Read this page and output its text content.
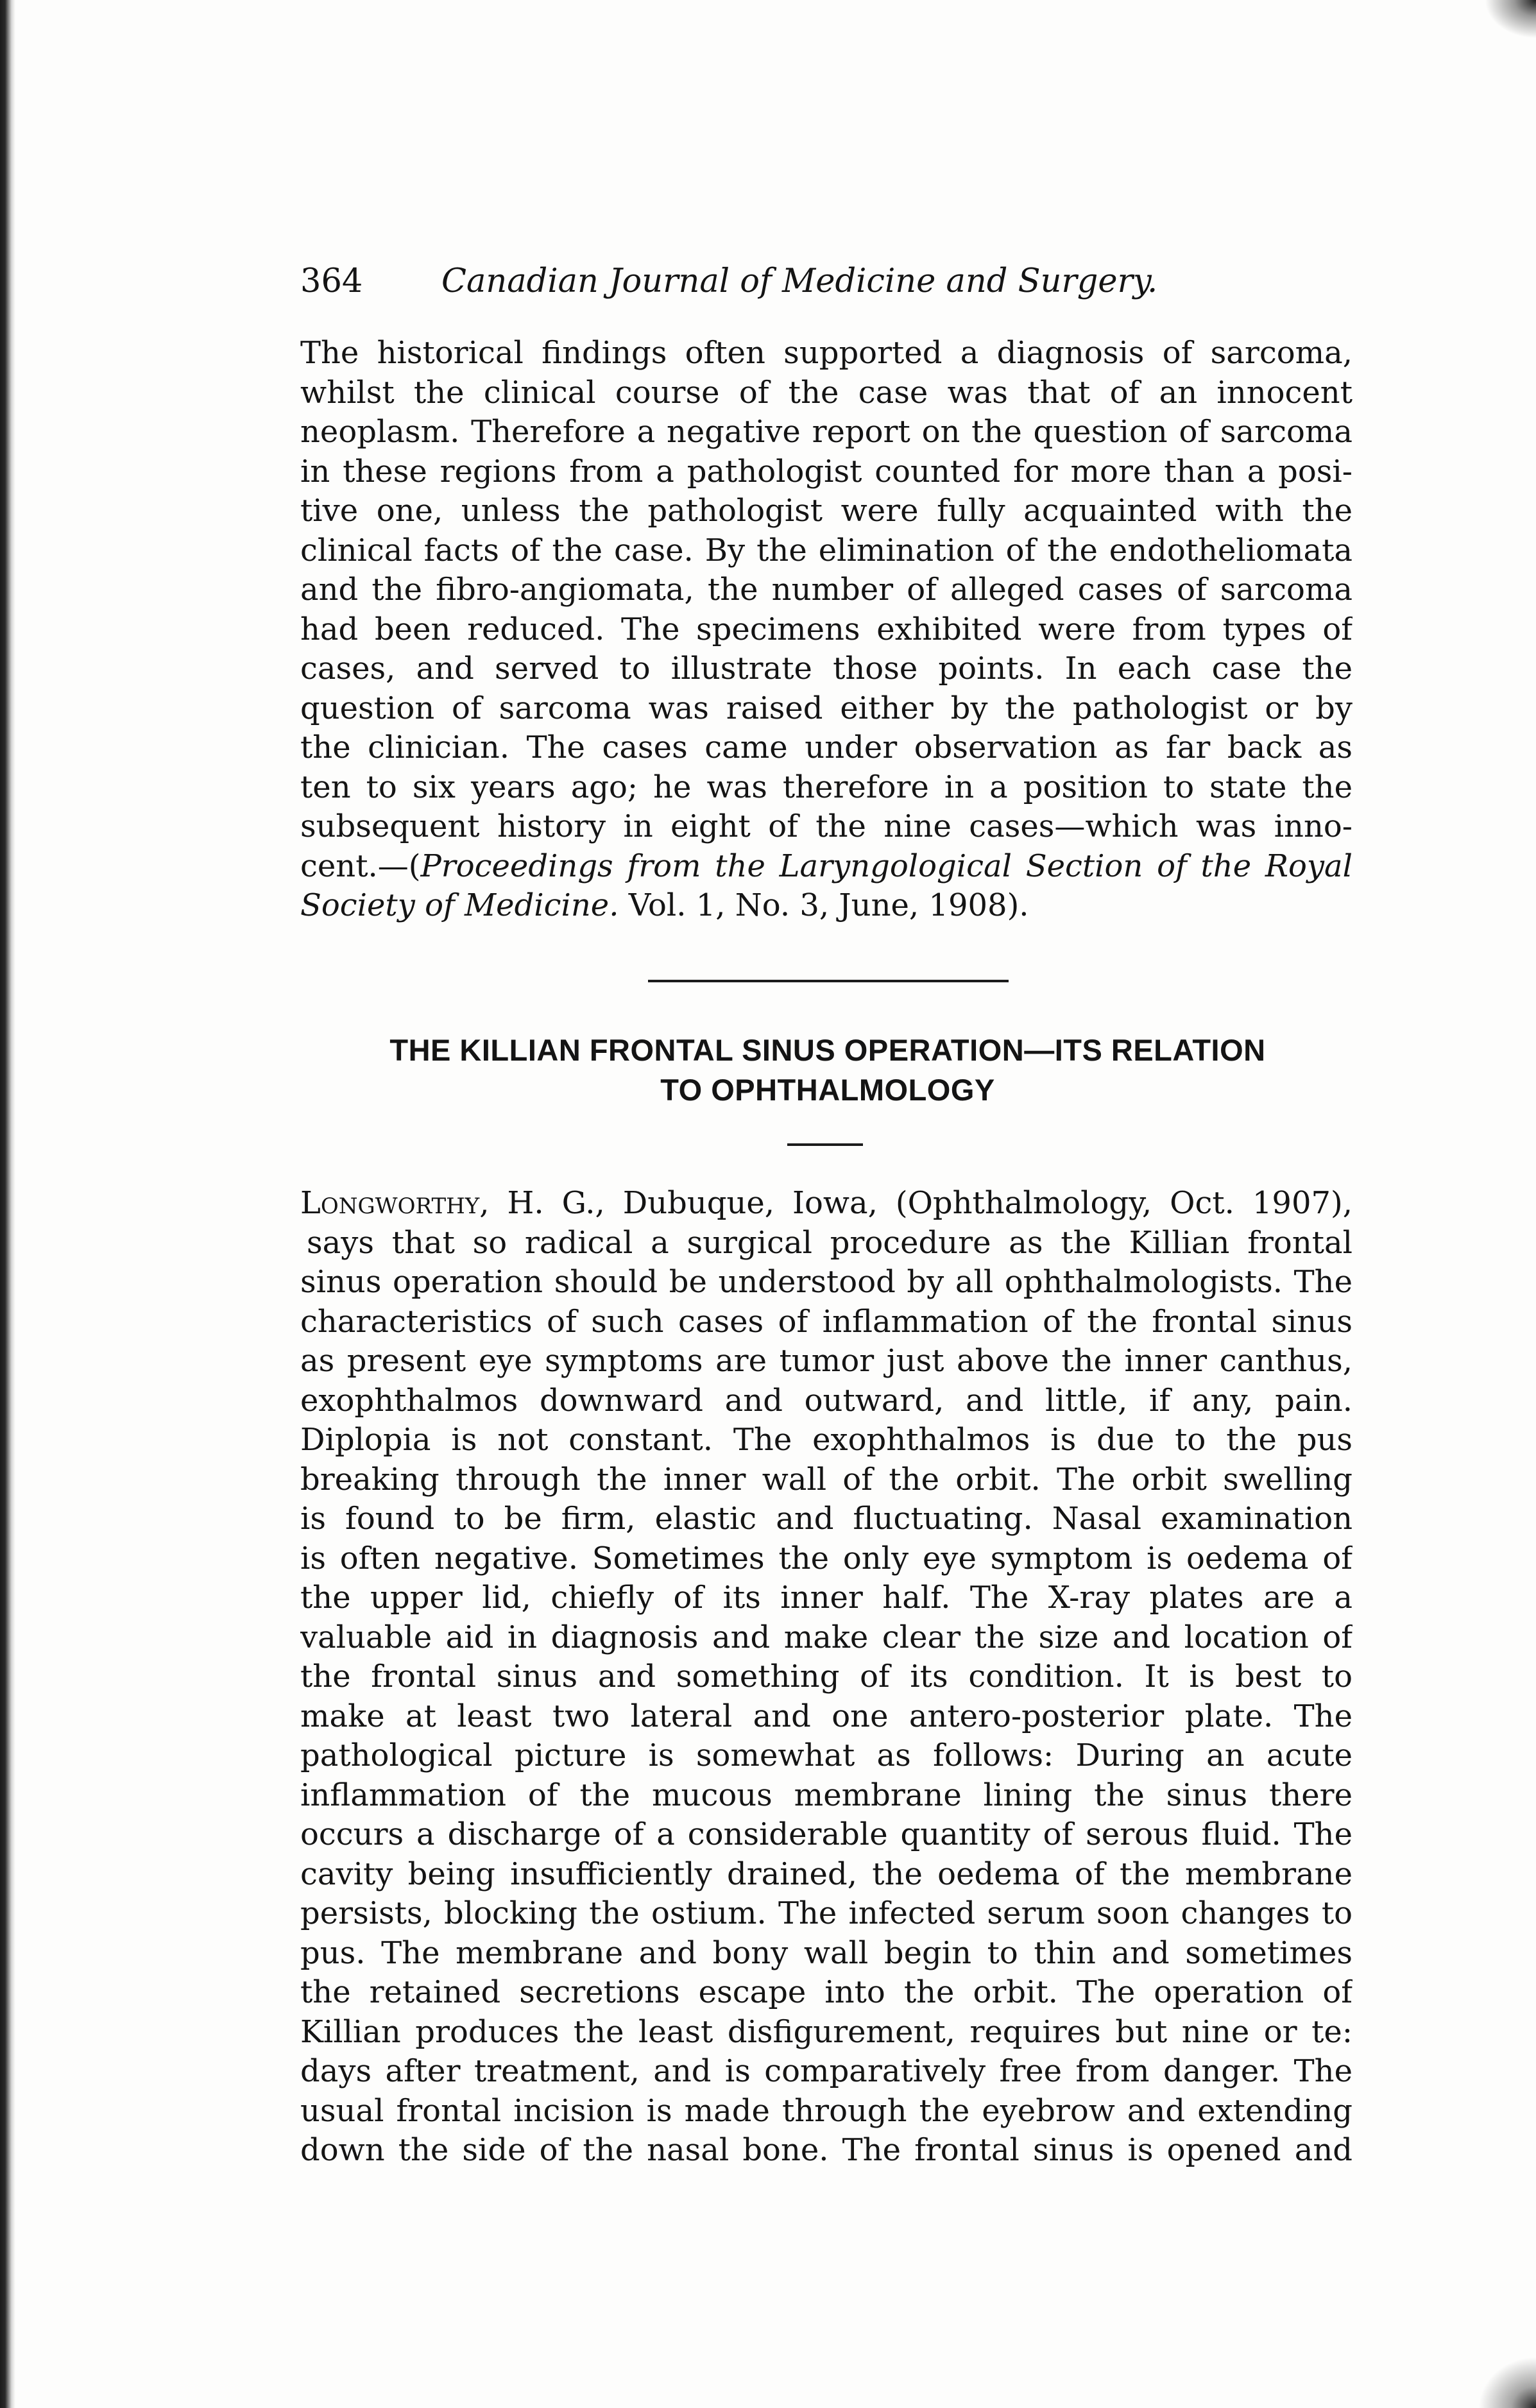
364 Canadian Journal of Medicine and Surgery.
The historical findings often supported a diagnosis of sarcoma,
whilst the clinical course of the case was that of an innocent
neoplasm. Therefore a negative report on the question of sarcoma
in these regions from a pathologist counted for more than a posi-
tive one, unless the pathologist were fully acquainted with the
clinical facts of the case. By the elimination of the endotheliomata
and the fibro-angiomata, the number of alleged cases of sarcoma
had been reduced. The specimens exhibited were from types of
cases, and served to illustrate those points. In each case the
question of sarcoma was raised either by the pathologist or by
the clinician. The cases came under observation as far back as
ten to six years ago; he was therefore in a position to state the
subsequent history in eight of the nine cases—which was inno-
cent.—(Proceedings from the Laryngological Section of the Royal
Society of Medicine. Vol. 1, No. 3, June, 1908).
THE KILLIAN FRONTAL SINUS OPERATION—ITS RELATION
TO OPHTHALMOLOGY
Longworthy, H. G., Dubuque, Iowa, (Ophthalmology, Oct. 1907),
says that so radical a surgical procedure as the Killian frontal
sinus operation should be understood by all ophthalmologists. The
characteristics of such cases of inflammation of the frontal sinus
as present eye symptoms are tumor just above the inner canthus,
exophthalmos downward and outward, and little, if any, pain.
Diplopia is not constant. The exophthalmos is due to the pus
breaking through the inner wall of the orbit. The orbit swelling
is found to be firm, elastic and fluctuating. Nasal examination
is often negative. Sometimes the only eye symptom is oedema of
the upper lid, chiefly of its inner half. The X-ray plates are a
valuable aid in diagnosis and make clear the size and location of
the frontal sinus and something of its condition. It is best to
make at least two lateral and one antero-posterior plate. The
pathological picture is somewhat as follows: During an acute
inflammation of the mucous membrane lining the sinus there
occurs a discharge of a considerable quantity of serous fluid. The
cavity being insufficiently drained, the oedema of the membrane
persists, blocking the ostium. The infected serum soon changes to
pus. The membrane and bony wall begin to thin and sometimes
the retained secretions escape into the orbit. The operation of
Killian produces the least disfigurement, requires but nine or te:
days after treatment, and is comparatively free from danger. The
usual frontal incision is made through the eyebrow and extending
down the side of the nasal bone. The frontal sinus is opened and
